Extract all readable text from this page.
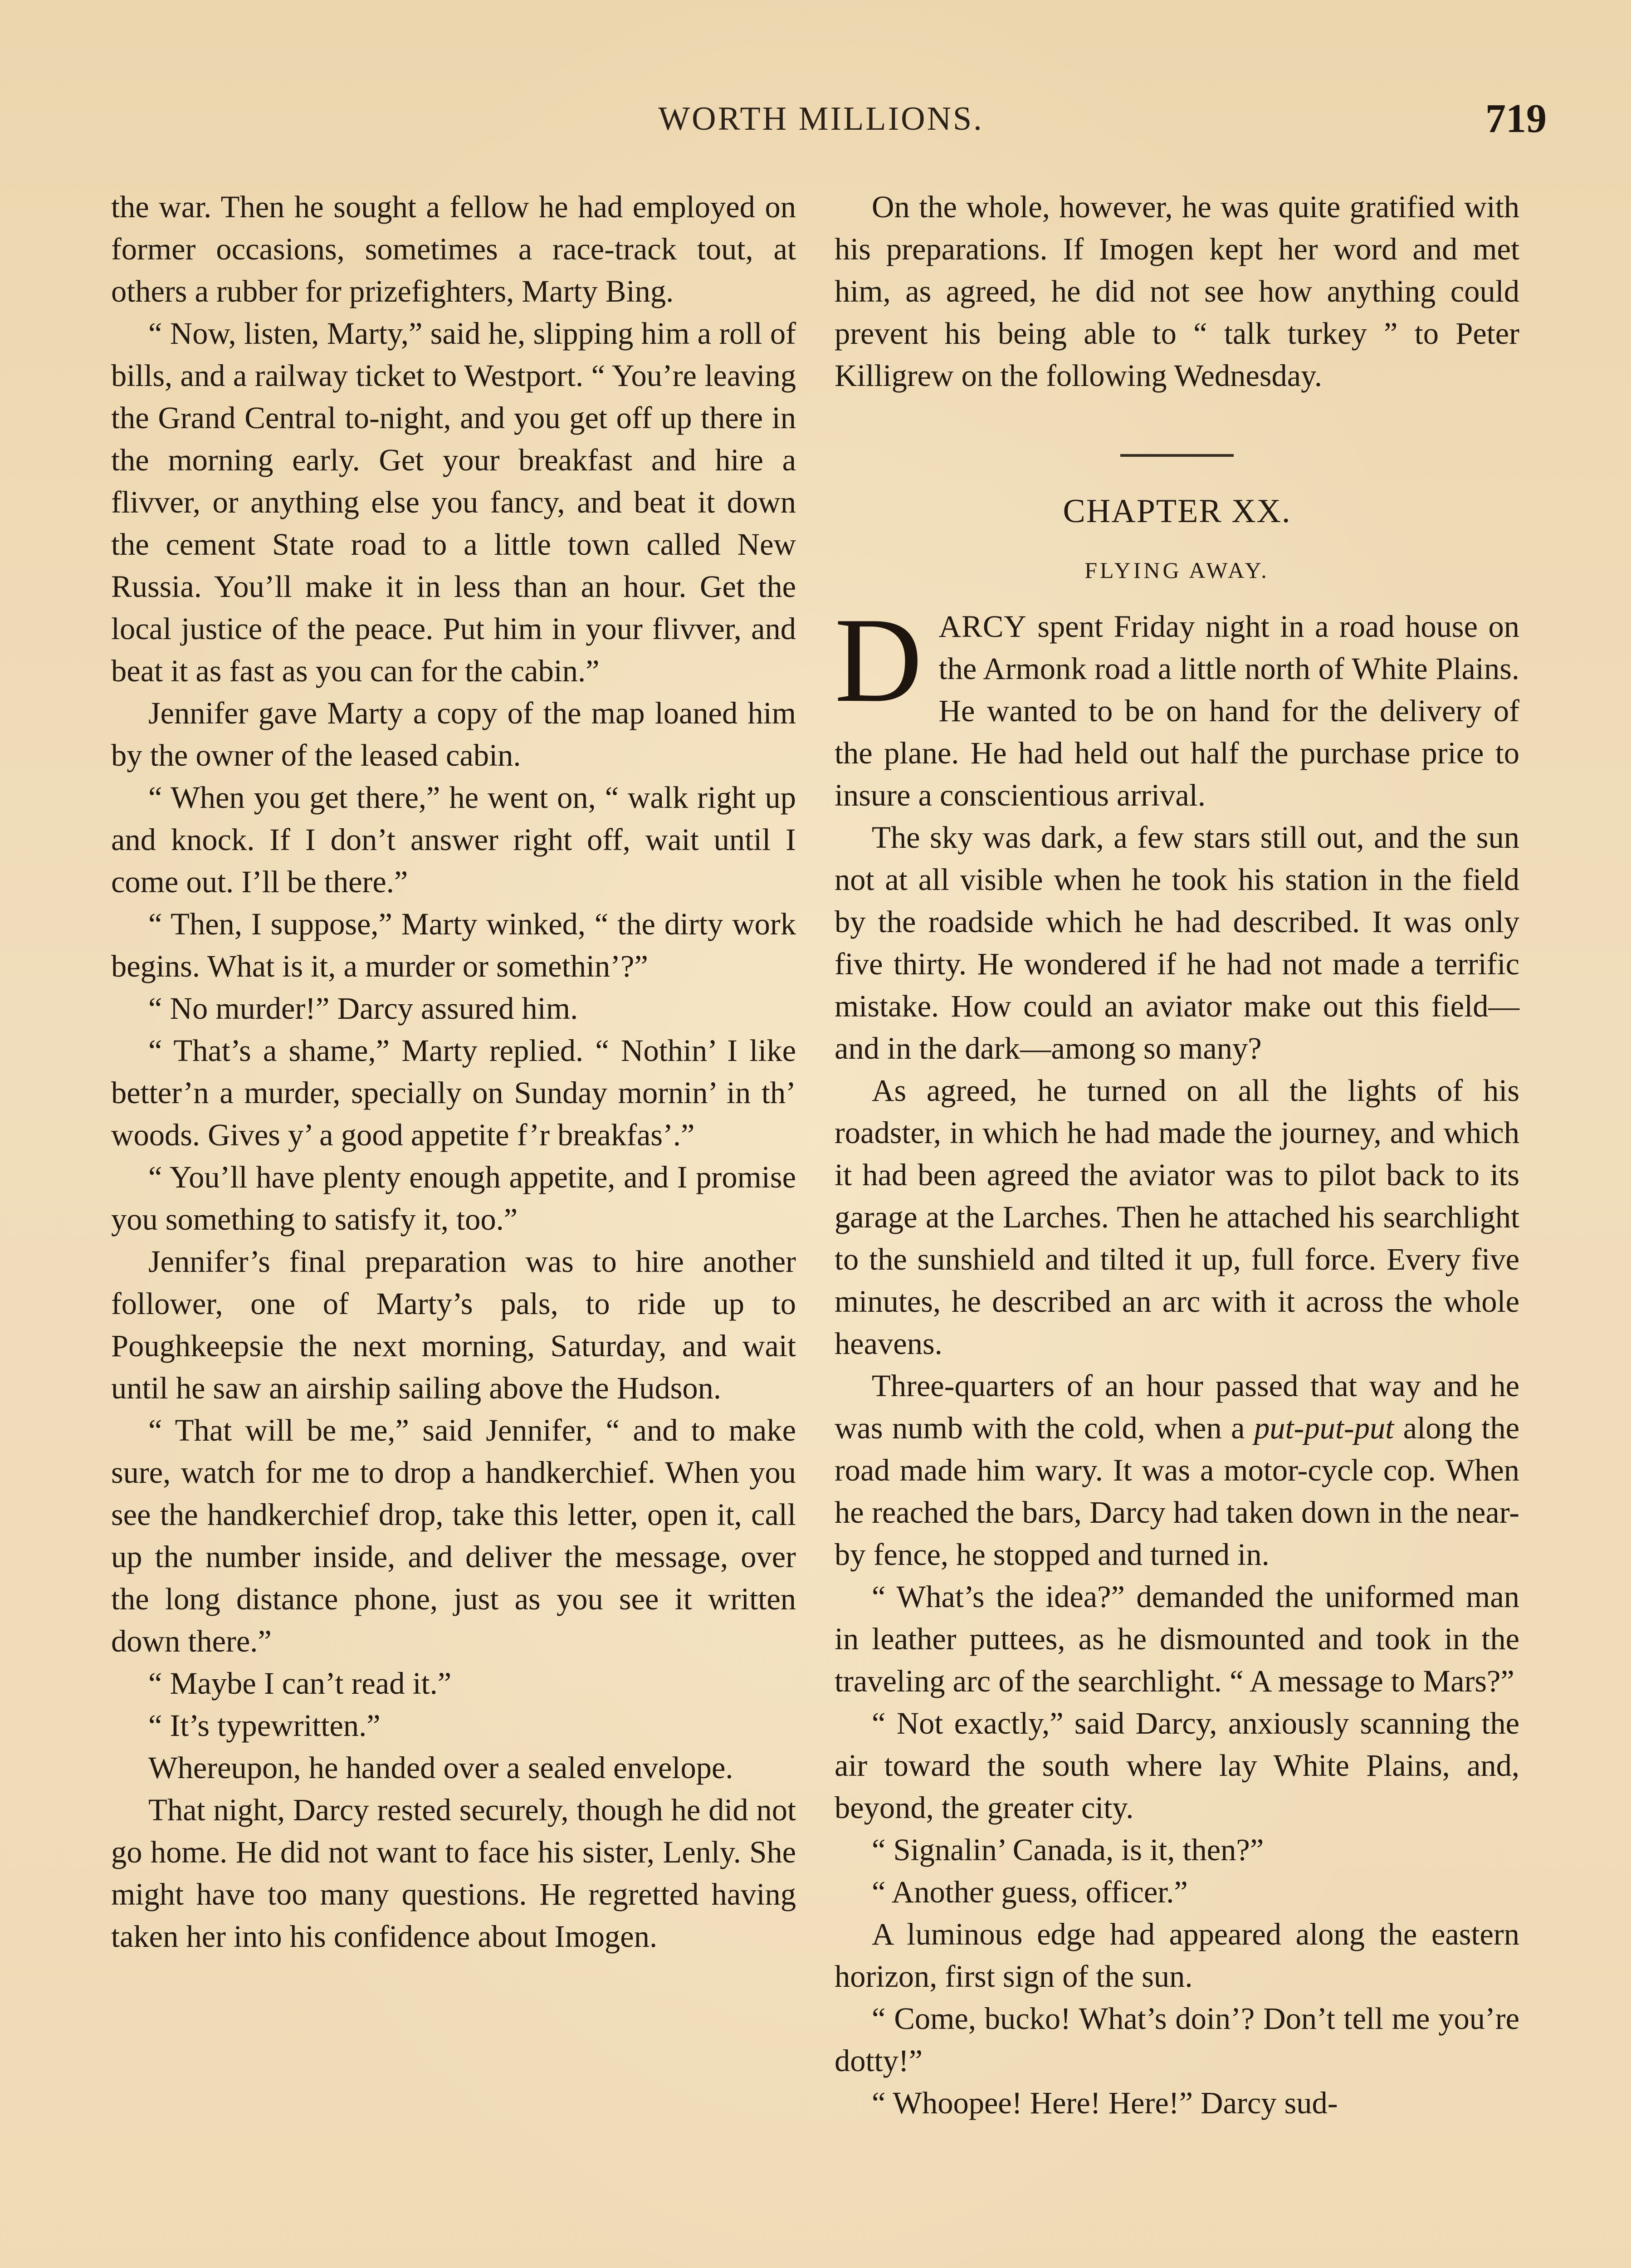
WORTH MILLIONS.	719

the war. Then he sought a fellow he had employed on former occasions, sometimes a race-track tout, at others a rubber for prizefighters, Marty Bing.

“ Now, listen, Marty,” said he, slipping him a roll of bills, and a railway ticket to Westport. “ You’re leaving the Grand Central to-night, and you get off up there in the morning early. Get your breakfast and hire a flivver, or anything else you fancy, and beat it down the cement State road to a little town called New Russia. You’ll make it in less than an hour. Get the local justice of the peace. Put him in your flivver, and beat it as fast as you can for the cabin.”

Jennifer gave Marty a copy of the map loaned him by the owner of the leased cabin.

“ When you get there,” he went on, “ walk right up and knock. If I don’t answer right off, wait until I come out. I’ll be there.”

“ Then, I suppose,” Marty winked, “ the dirty work begins. What is it, a murder or somethin’?”

“ No murder!” Darcy assured him.

“ That’s a shame,” Marty replied. “ Nothin’ I like better’n a murder, specially on Sunday mornin’ in th’ woods. Gives y’ a good appetite f’r breakfas’.”

“ You’ll have plenty enough appetite, and I promise you something to satisfy it, too.”

Jennifer’s final preparation was to hire another follower, one of Marty’s pals, to ride up to Poughkeepsie the next morning, Saturday, and wait until he saw an airship sailing above the Hudson.

“ That will be me,” said Jennifer, “ and to make sure, watch for me to drop a handkerchief. When you see the handkerchief drop, take this letter, open it, call up the number inside, and deliver the message, over the long distance phone, just as you see it written down there.”

“ Maybe I can’t read it.”

“ It’s typewritten.”

Whereupon, he handed over a sealed envelope.

That night, Darcy rested securely, though he did not go home. He did not want to face his sister, Lenly. She might have too many questions. He regretted having taken her into his confidence about Imogen.

On the whole, however, he was quite gratified with his preparations. If Imogen kept her word and met him, as agreed, he did not see how anything could prevent his being able to “ talk turkey ” to Peter Killigrew on the following Wednesday.

CHAPTER XX.
FLYING AWAY.

DARCY spent Friday night in a road house on the Armonk road a little north of White Plains. He wanted to be on hand for the delivery of the plane. He had held out half the purchase price to insure a conscientious arrival.

The sky was dark, a few stars still out, and the sun not at all visible when he took his station in the field by the roadside which he had described. It was only five thirty. He wondered if he had not made a terrific mistake. How could an aviator make out this field—and in the dark—among so many?

As agreed, he turned on all the lights of his roadster, in which he had made the journey, and which it had been agreed the aviator was to pilot back to its garage at the Larches. Then he attached his searchlight to the sunshield and tilted it up, full force. Every five minutes, he described an arc with it across the whole heavens.

Three-quarters of an hour passed that way and he was numb with the cold, when a put-put-put along the road made him wary. It was a motor-cycle cop. When he reached the bars, Darcy had taken down in the near-by fence, he stopped and turned in.

“ What’s the idea?” demanded the uniformed man in leather puttees, as he dismounted and took in the traveling arc of the searchlight. “ A message to Mars?”

“ Not exactly,” said Darcy, anxiously scanning the air toward the south where lay White Plains, and, beyond, the greater city.

“ Signalin’ Canada, is it, then?”

“ Another guess, officer.”

A luminous edge had appeared along the eastern horizon, first sign of the sun.

“ Come, bucko! What’s doin’? Don’t tell me you’re dotty!”

“ Whoopee! Here! Here!” Darcy sud-
